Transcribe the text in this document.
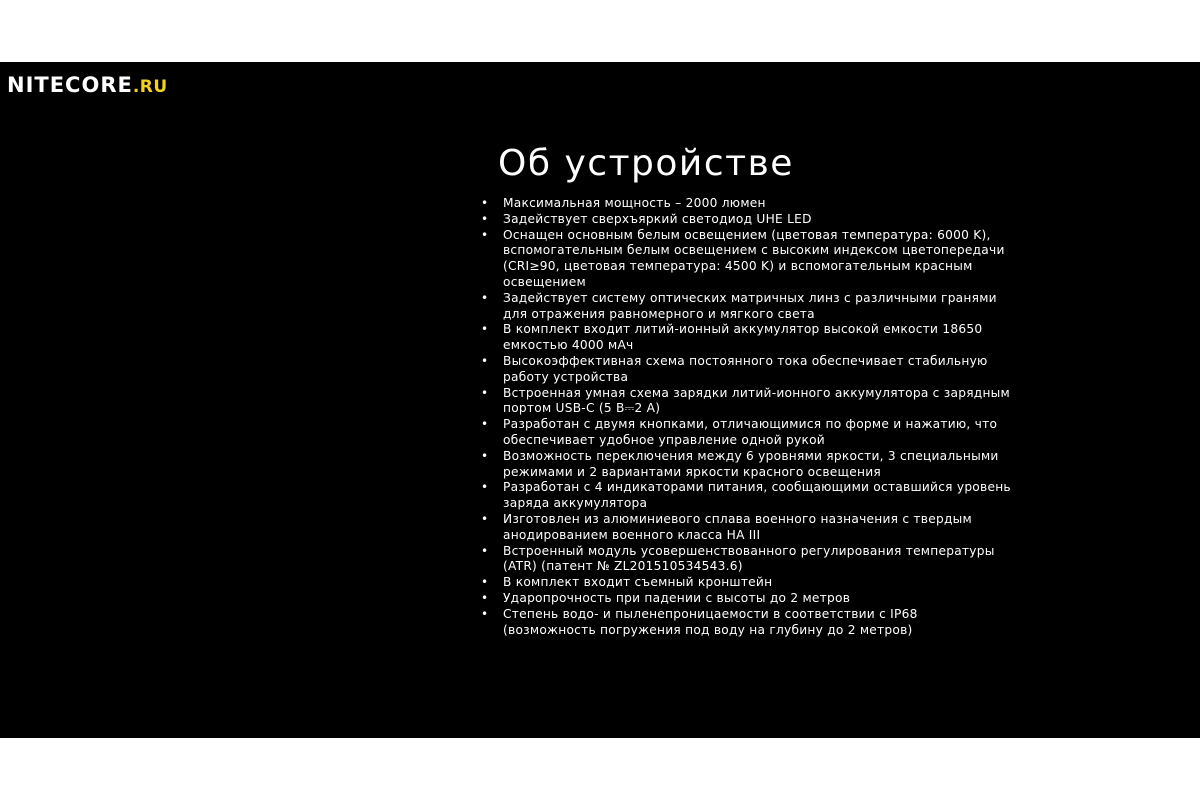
NITECORE.RU
Об устройстве
• Максимальная мощность – 2000 люмен
• Задействует сверхъяркий светодиод UHE LED
• Оснащен основным белым освещением (цветовая температура: 6000 K),
вспомогательным белым освещением с высоким индексом цветопередачи
(CRI≥90, цветовая температура: 4500 K) и вспомогательным красным
освещением
• Задействует систему оптических матричных линз с различными гранями
для отражения равномерного и мягкого света
• В комплект входит литий-ионный аккумулятор высокой емкости 18650
емкостью 4000 мАч
• Высокоэффективная схема постоянного тока обеспечивает стабильную
работу устройства
• Встроенная умная схема зарядки литий-ионного аккумулятора с зарядным
портом USB-C (5 В⎓2 А)
• Разработан с двумя кнопками, отличающимися по форме и нажатию, что
обеспечивает удобное управление одной рукой
• Возможность переключения между 6 уровнями яркости, 3 специальными
режимами и 2 вариантами яркости красного освещения
• Разработан с 4 индикаторами питания, сообщающими оставшийся уровень
заряда аккумулятора
• Изготовлен из алюминиевого сплава военного назначения с твердым
анодированием военного класса HA III
• Встроенный модуль усовершенствованного регулирования температуры
(ATR) (патент № ZL201510534543.6)
• В комплект входит съемный кронштейн
• Ударопрочность при падении с высоты до 2 метров
• Степень водо- и пыленепроницаемости в соответствии с IP68
(возможность погружения под воду на глубину до 2 метров)
